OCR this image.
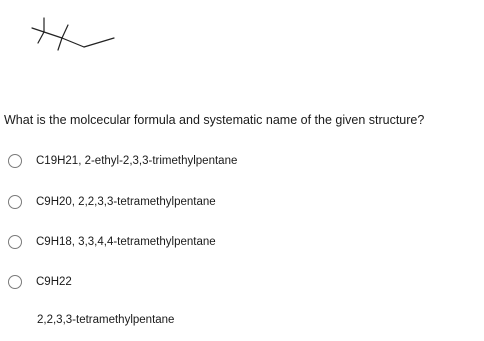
What is the molcecular formula and systematic name of the given structure?
C19H21, 2-ethyl-2,3,3-trimethylpentane
C9H20, 2,2,3,3-tetramethylpentane
C9H18, 3,3,4,4-tetramethylpentane
C9H22
2,2,3,3-tetramethylpentane
